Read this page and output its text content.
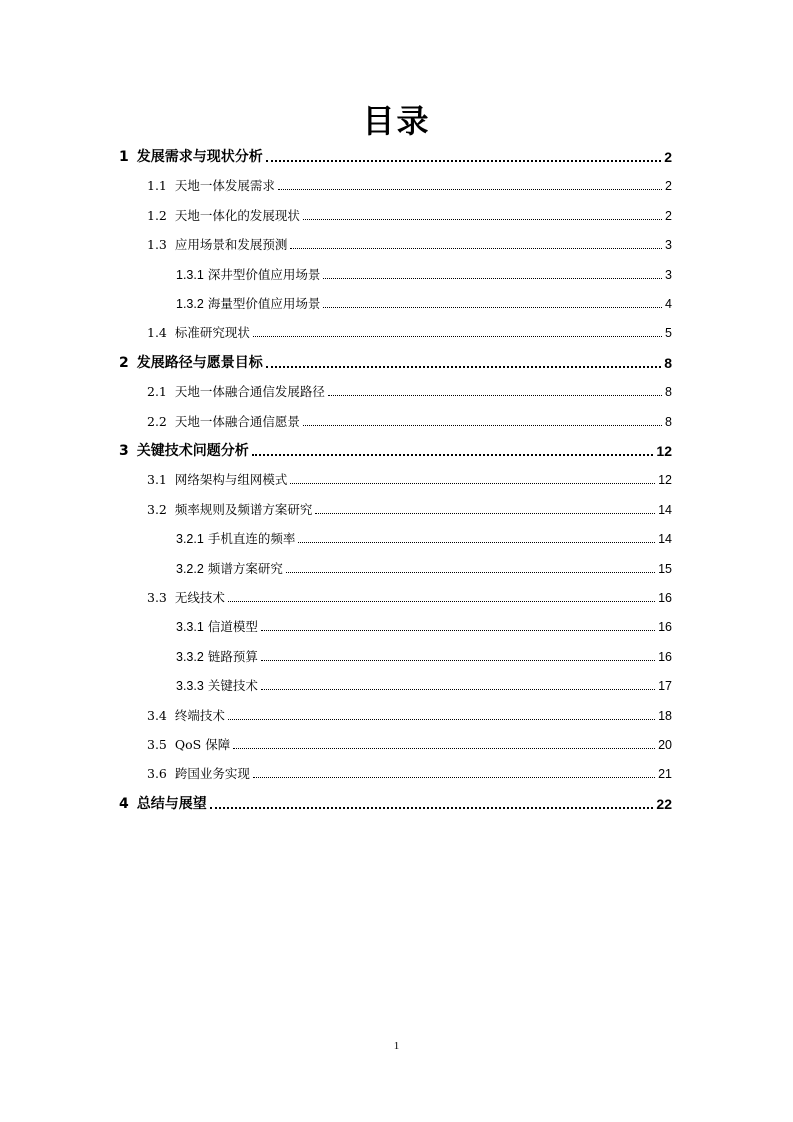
目录
1 发展需求与现状分析	2
1.1 天地一体发展需求	2
1.2 天地一体化的发展现状	2
1.3 应用场景和发展预测	3
1.3.1 深井型价值应用场景	3
1.3.2 海量型价值应用场景	4
1.4 标准研究现状	5
2 发展路径与愿景目标	8
2.1 天地一体融合通信发展路径	8
2.2 天地一体融合通信愿景	8
3 关键技术问题分析	12
3.1 网络架构与组网模式	12
3.2 频率规则及频谱方案研究	14
3.2.1 手机直连的频率	14
3.2.2 频谱方案研究	15
3.3 无线技术	16
3.3.1 信道模型	16
3.3.2 链路预算	16
3.3.3 关键技术	17
3.4 终端技术	18
3.5 QoS 保障	20
3.6 跨国业务实现	21
4 总结与展望	22
1
